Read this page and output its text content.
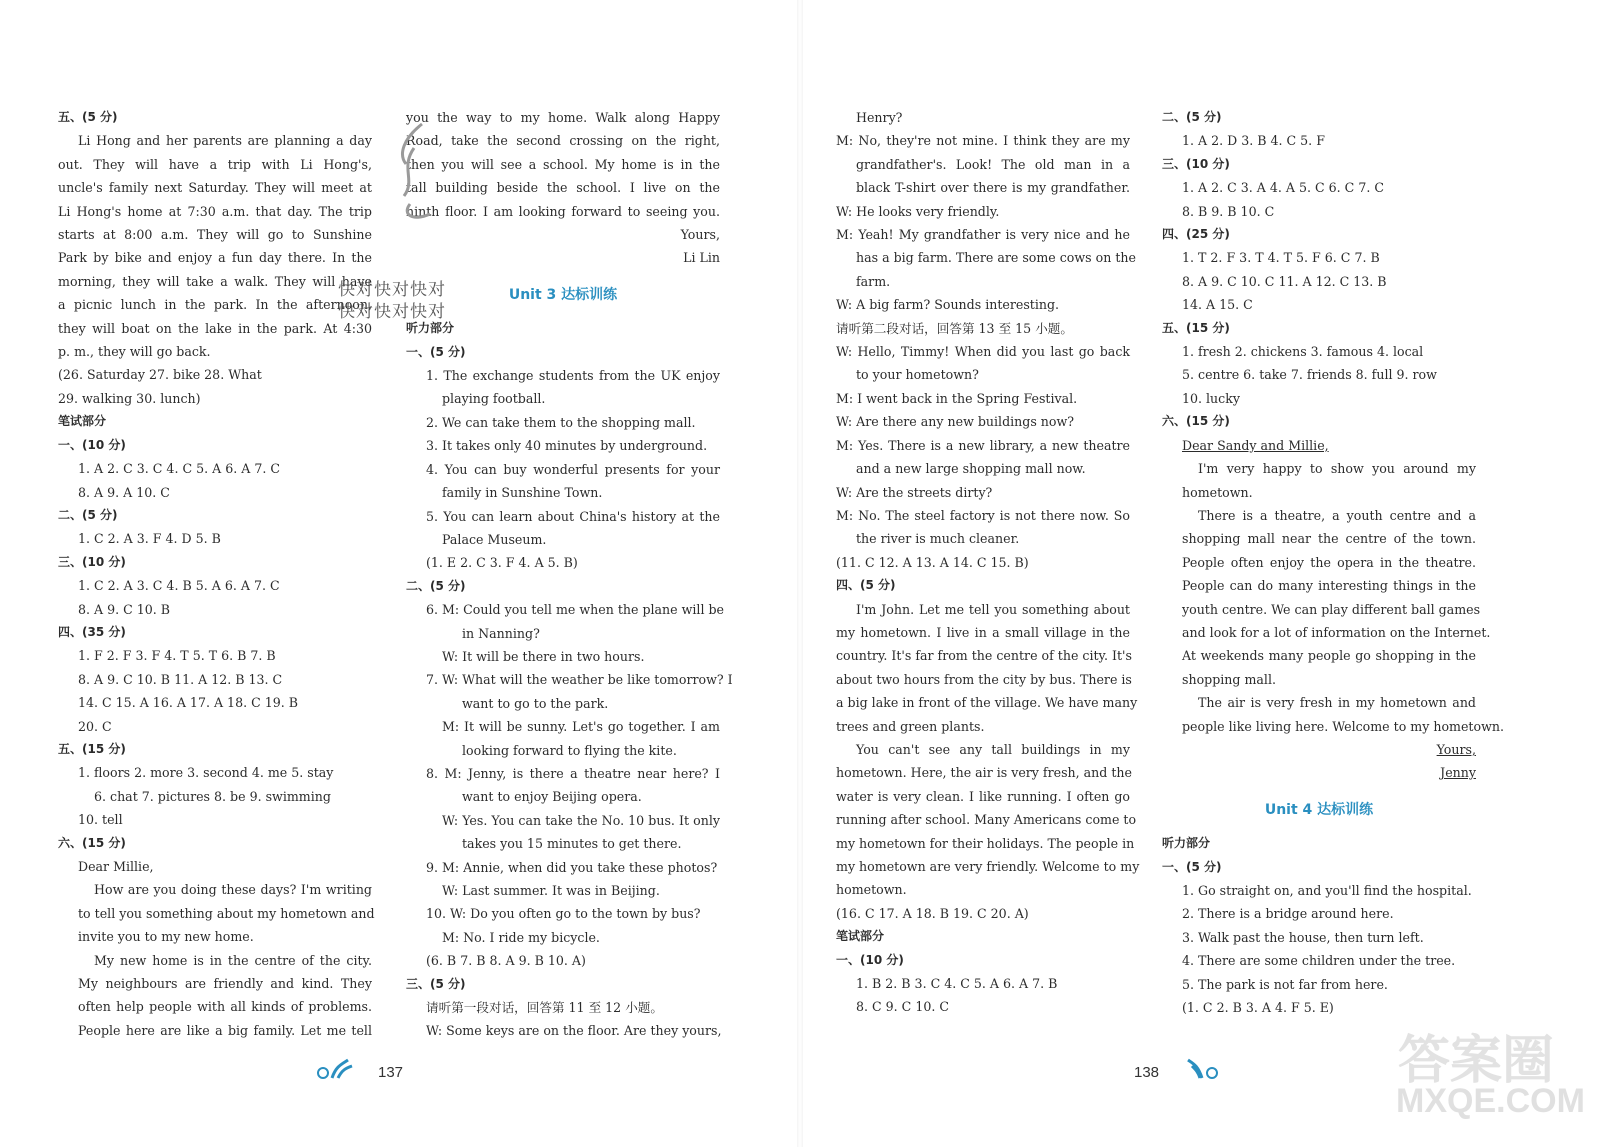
五、(5 分)

Li Hong and her parents are planning a day

out. They will have a trip with Li Hong's,

uncle's family next Saturday. They will meet at

Li Hong's home at 7:30 a.m. that day. The trip

starts at 8:00 a.m. They will go to Sunshine

Park by bike and enjoy a fun day there. In the

morning, they will take a walk. They will have

a picnic lunch in the park. In the afternoon,

they will boat on the lake in the park. At 4:30

p. m., they will go back.

(26. Saturday 27. bike 28. What

29. walking 30. lunch)

笔试部分

一、(10 分)

1. A 2. C 3. C 4. C 5. A 6. A 7. C

8. A 9. A 10. C

二、(5 分)

1. C 2. A 3. F 4. D 5. B

三、(10 分)

1. C 2. A 3. C 4. B 5. A 6. A 7. C

8. A 9. C 10. B

四、(35 分)

1. F 2. F 3. F 4. T 5. T 6. B 7. B

8. A 9. C 10. B 11. A 12. B 13. C

14. C 15. A 16. A 17. A 18. C 19. B

20. C

五、(15 分)

1. floors 2. more 3. second 4. me 5. stay

6. chat 7. pictures 8. be 9. swimming

10. tell

六、(15 分)

Dear Millie,

How are you doing these days? I'm writing

to tell you something about my hometown and

invite you to my new home.

My new home is in the centre of the city.

My neighbours are friendly and kind. They

often help people with all kinds of problems.

People here are like a big family. Let me tell

you the way to my home. Walk along Happy

Road, take the second crossing on the right,

then you will see a school. My home is in the

tall building beside the school. I live on the

ninth floor. I am looking forward to seeing you.

Yours,

Li Lin

Unit 3 达标训练

听力部分

一、(5 分)

1. The exchange students from the UK enjoy

playing football.

2. We can take them to the shopping mall.

3. It takes only 40 minutes by underground.

4. You can buy wonderful presents for your

family in Sunshine Town.

5. You can learn about China's history at the

Palace Museum.

(1. E 2. C 3. F 4. A 5. B)

二、(5 分)

6. M: Could you tell me when the plane will be

in Nanning?

W: It will be there in two hours.

7. W: What will the weather be like tomorrow? I

want to go to the park.

M: It will be sunny. Let's go together. I am

looking forward to flying the kite.

8. M: Jenny, is there a theatre near here? I

want to enjoy Beijing opera.

W: Yes. You can take the No. 10 bus. It only

takes you 15 minutes to get there.

9. M: Annie, when did you take these photos?

W: Last summer. It was in Beijing.

10. W: Do you often go to the town by bus?

M: No. I ride my bicycle.

(6. B 7. B 8. A 9. B 10. A)

三、(5 分)

请听第一段对话，回答第 11 至 12 小题。

W: Some keys are on the floor. Are they yours,

Henry?

M: No, they're not mine. I think they are my

grandfather's. Look! The old man in a

black T-shirt over there is my grandfather.

W: He looks very friendly.

M: Yeah! My grandfather is very nice and he

has a big farm. There are some cows on the

farm.

W: A big farm? Sounds interesting.

请听第二段对话，回答第 13 至 15 小题。

W: Hello, Timmy! When did you last go back

to your hometown?

M: I went back in the Spring Festival.

W: Are there any new buildings now?

M: Yes. There is a new library, a new theatre

and a new large shopping mall now.

W: Are the streets dirty?

M: No. The steel factory is not there now. So

the river is much cleaner.

(11. C 12. A 13. A 14. C 15. B)

四、(5 分)

I'm John. Let me tell you something about

my hometown. I live in a small village in the

country. It's far from the centre of the city. It's

about two hours from the city by bus. There is

a big lake in front of the village. We have many

trees and green plants.

You can't see any tall buildings in my

hometown. Here, the air is very fresh, and the

water is very clean. I like running. I often go

running after school. Many Americans come to

my hometown for their holidays. The people in

my hometown are very friendly. Welcome to my

hometown.

(16. C 17. A 18. B 19. C 20. A)

笔试部分

一、(10 分)

1. B 2. B 3. C 4. C 5. A 6. A 7. B

8. C 9. C 10. C

二、(5 分)

1. A 2. D 3. B 4. C 5. F

三、(10 分)

1. A 2. C 3. A 4. A 5. C 6. C 7. C

8. B 9. B 10. C

四、(25 分)

1. T 2. F 3. T 4. T 5. F 6. C 7. B

8. A 9. C 10. C 11. A 12. C 13. B

14. A 15. C

五、(15 分)

1. fresh 2. chickens 3. famous 4. local

5. centre 6. take 7. friends 8. full 9. row

10. lucky

六、(15 分)

Dear Sandy and Millie,

I'm very happy to show you around my

hometown.

There is a theatre, a youth centre and a

shopping mall near the centre of the town.

People often enjoy the opera in the theatre.

People can do many interesting things in the

youth centre. We can play different ball games

and look for a lot of information on the Internet.

At weekends many people go shopping in the

shopping mall.

The air is very fresh in my hometown and

people like living here. Welcome to my hometown.

Yours,

Jenny

Unit 4 达标训练

听力部分

一、(5 分)

1. Go straight on, and you'll find the hospital.

2. There is a bridge around here.

3. Walk past the house, then turn left.

4. There are some children under the tree.

5. The park is not far from here.

(1. C 2. B 3. A 4. F 5. E)

快对快对快对
快对快对快对
137	138	答案圈
MXQE.COM
